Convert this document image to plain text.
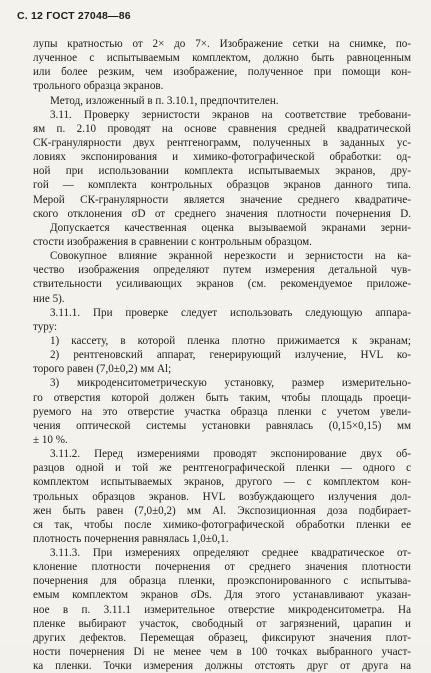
С. 12 ГОСТ 27048—86
лупы кратностью от 2× до 7×. Изображение сетки на снимке, по-
лученное с испытываемым комплектом, должно быть равноценным
или более резким, чем изображение, полученное при помощи кон-
трольного образца экранов.
Метод, изложенный в п. 3.10.1, предпочтителен.
3.11. Проверку зернистости экранов на соответствие требовани-
ям п. 2.10 проводят на основе сравнения средней квадратической
СК-гранулярности двух рентгенограмм, полученных в заданных ус-
ловиях экспонирования и химико-фотографической обработки: од-
ной при использовании комплекта испытываемых экранов, дру-
гой — комплекта контрольных образцов экранов данного типа.
Мерой СК-гранулярности является значение среднего квадратиче-
ского отклонения σD от среднего значения плотности почернения D.
Допускается качественная оценка вызываемой экранами зерни-
стости изображения в сравнении с контрольным образцом.
Совокупное влияние экранной нерезкости и зернистости на ка-
чество изображения определяют путем измерения детальной чув-
ствительности усиливающих экранов (см. рекомендуемое приложе-
ние 5).
3.11.1. При проверке следует использовать следующую аппара-
туру:
1) кассету, в которой пленка плотно прижимается к экранам;
2) рентгеновский аппарат, генерирующий излучение, HVL ко-
торого равен (7,0±0,2) мм Al;
3) микроденситометрическую установку, размер измерительно-
го отверстия которой должен быть таким, чтобы площадь проеци-
руемого на это отверстие участка образца пленки с учетом увели-
чения оптической системы установки равнялась (0,15×0,15) мм
± 10 %.
3.11.2. Перед измерениями проводят экспонирование двух об-
разцов одной и той же рентгенографической пленки — одного с
комплектом испытываемых экранов, другого — с комплектом кон-
трольных образцов экранов. HVL возбуждающего излучения дол-
жен быть равен (7,0±0,2) мм Al. Экспозиционная доза подбирает-
ся так, чтобы после химико-фотографической обработки пленки ее
плотность почернения равнялась 1,0±0,1.
3.11.3. При измерениях определяют среднее квадратическое от-
клонение плотности почернения от среднего значения плотности
почернения для образца пленки, проэкспонированного с испытыва-
емым комплектом экранов σDs. Для этого устанавливают указан-
ное в п. 3.11.1 измерительное отверстие микроденситометра. На
пленке выбирают участок, свободный от загрязнений, царапин и
других дефектов. Перемещая образец, фиксируют значения плот-
ности почернения Di не менее чем в 100 точках выбранного участ-
ка пленки. Точки измерения должны отстоять друг от друга на
